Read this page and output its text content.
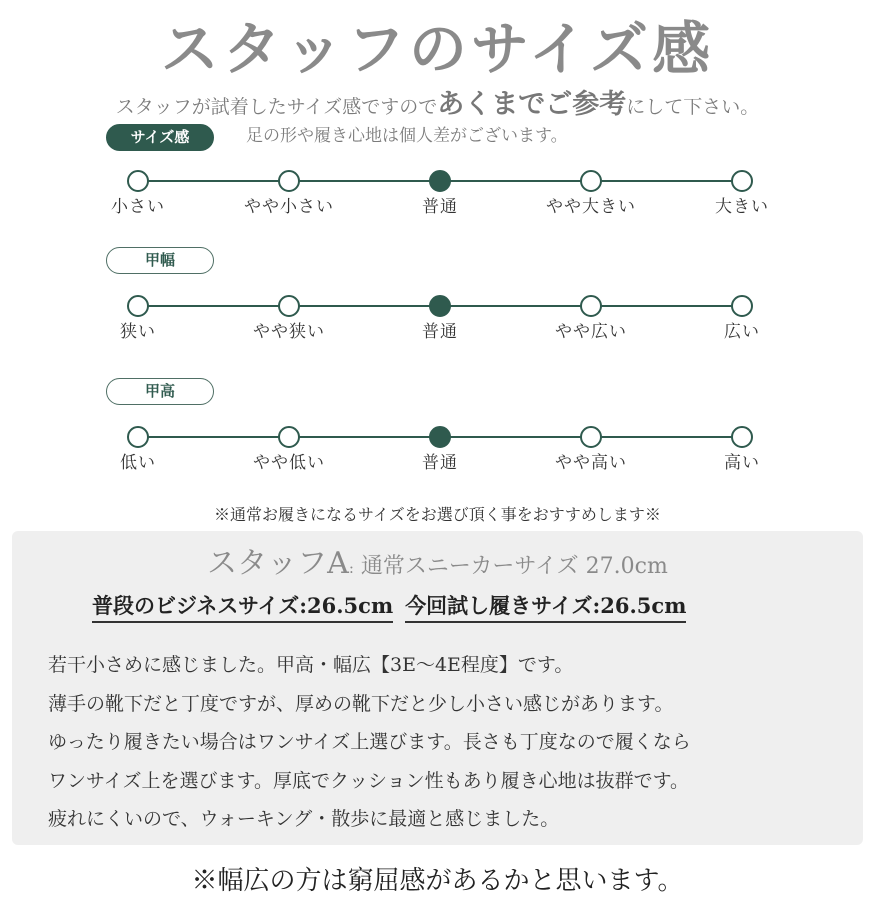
スタッフのサイズ感
スタッフが試着したサイズ感ですのであくまでご参考にして下さい。
足の形や履き心地は個人差がございます。
サイズ感
小さい	やや小さい	普通	やや大きい	大きい
甲幅
狭い	やや狭い	普通	やや広い	広い
甲高
低い	やや低い	普通	やや高い	高い
※通常お履きになるサイズをお選び頂く事をおすすめします※
スタッフA: 通常スニーカーサイズ 27.0cm
普段のビジネスサイズ:26.5cm 今回試し履きサイズ:26.5cm
若干小さめに感じました。甲高・幅広【3E～4E程度】です。
薄手の靴下だと丁度ですが、厚めの靴下だと少し小さい感じがあります。
ゆったり履きたい場合はワンサイズ上選びます。長さも丁度なので履くなら
ワンサイズ上を選びます。厚底でクッション性もあり履き心地は抜群です。
疲れにくいので、ウォーキング・散歩に最適と感じました。
※幅広の方は窮屈感があるかと思います。
